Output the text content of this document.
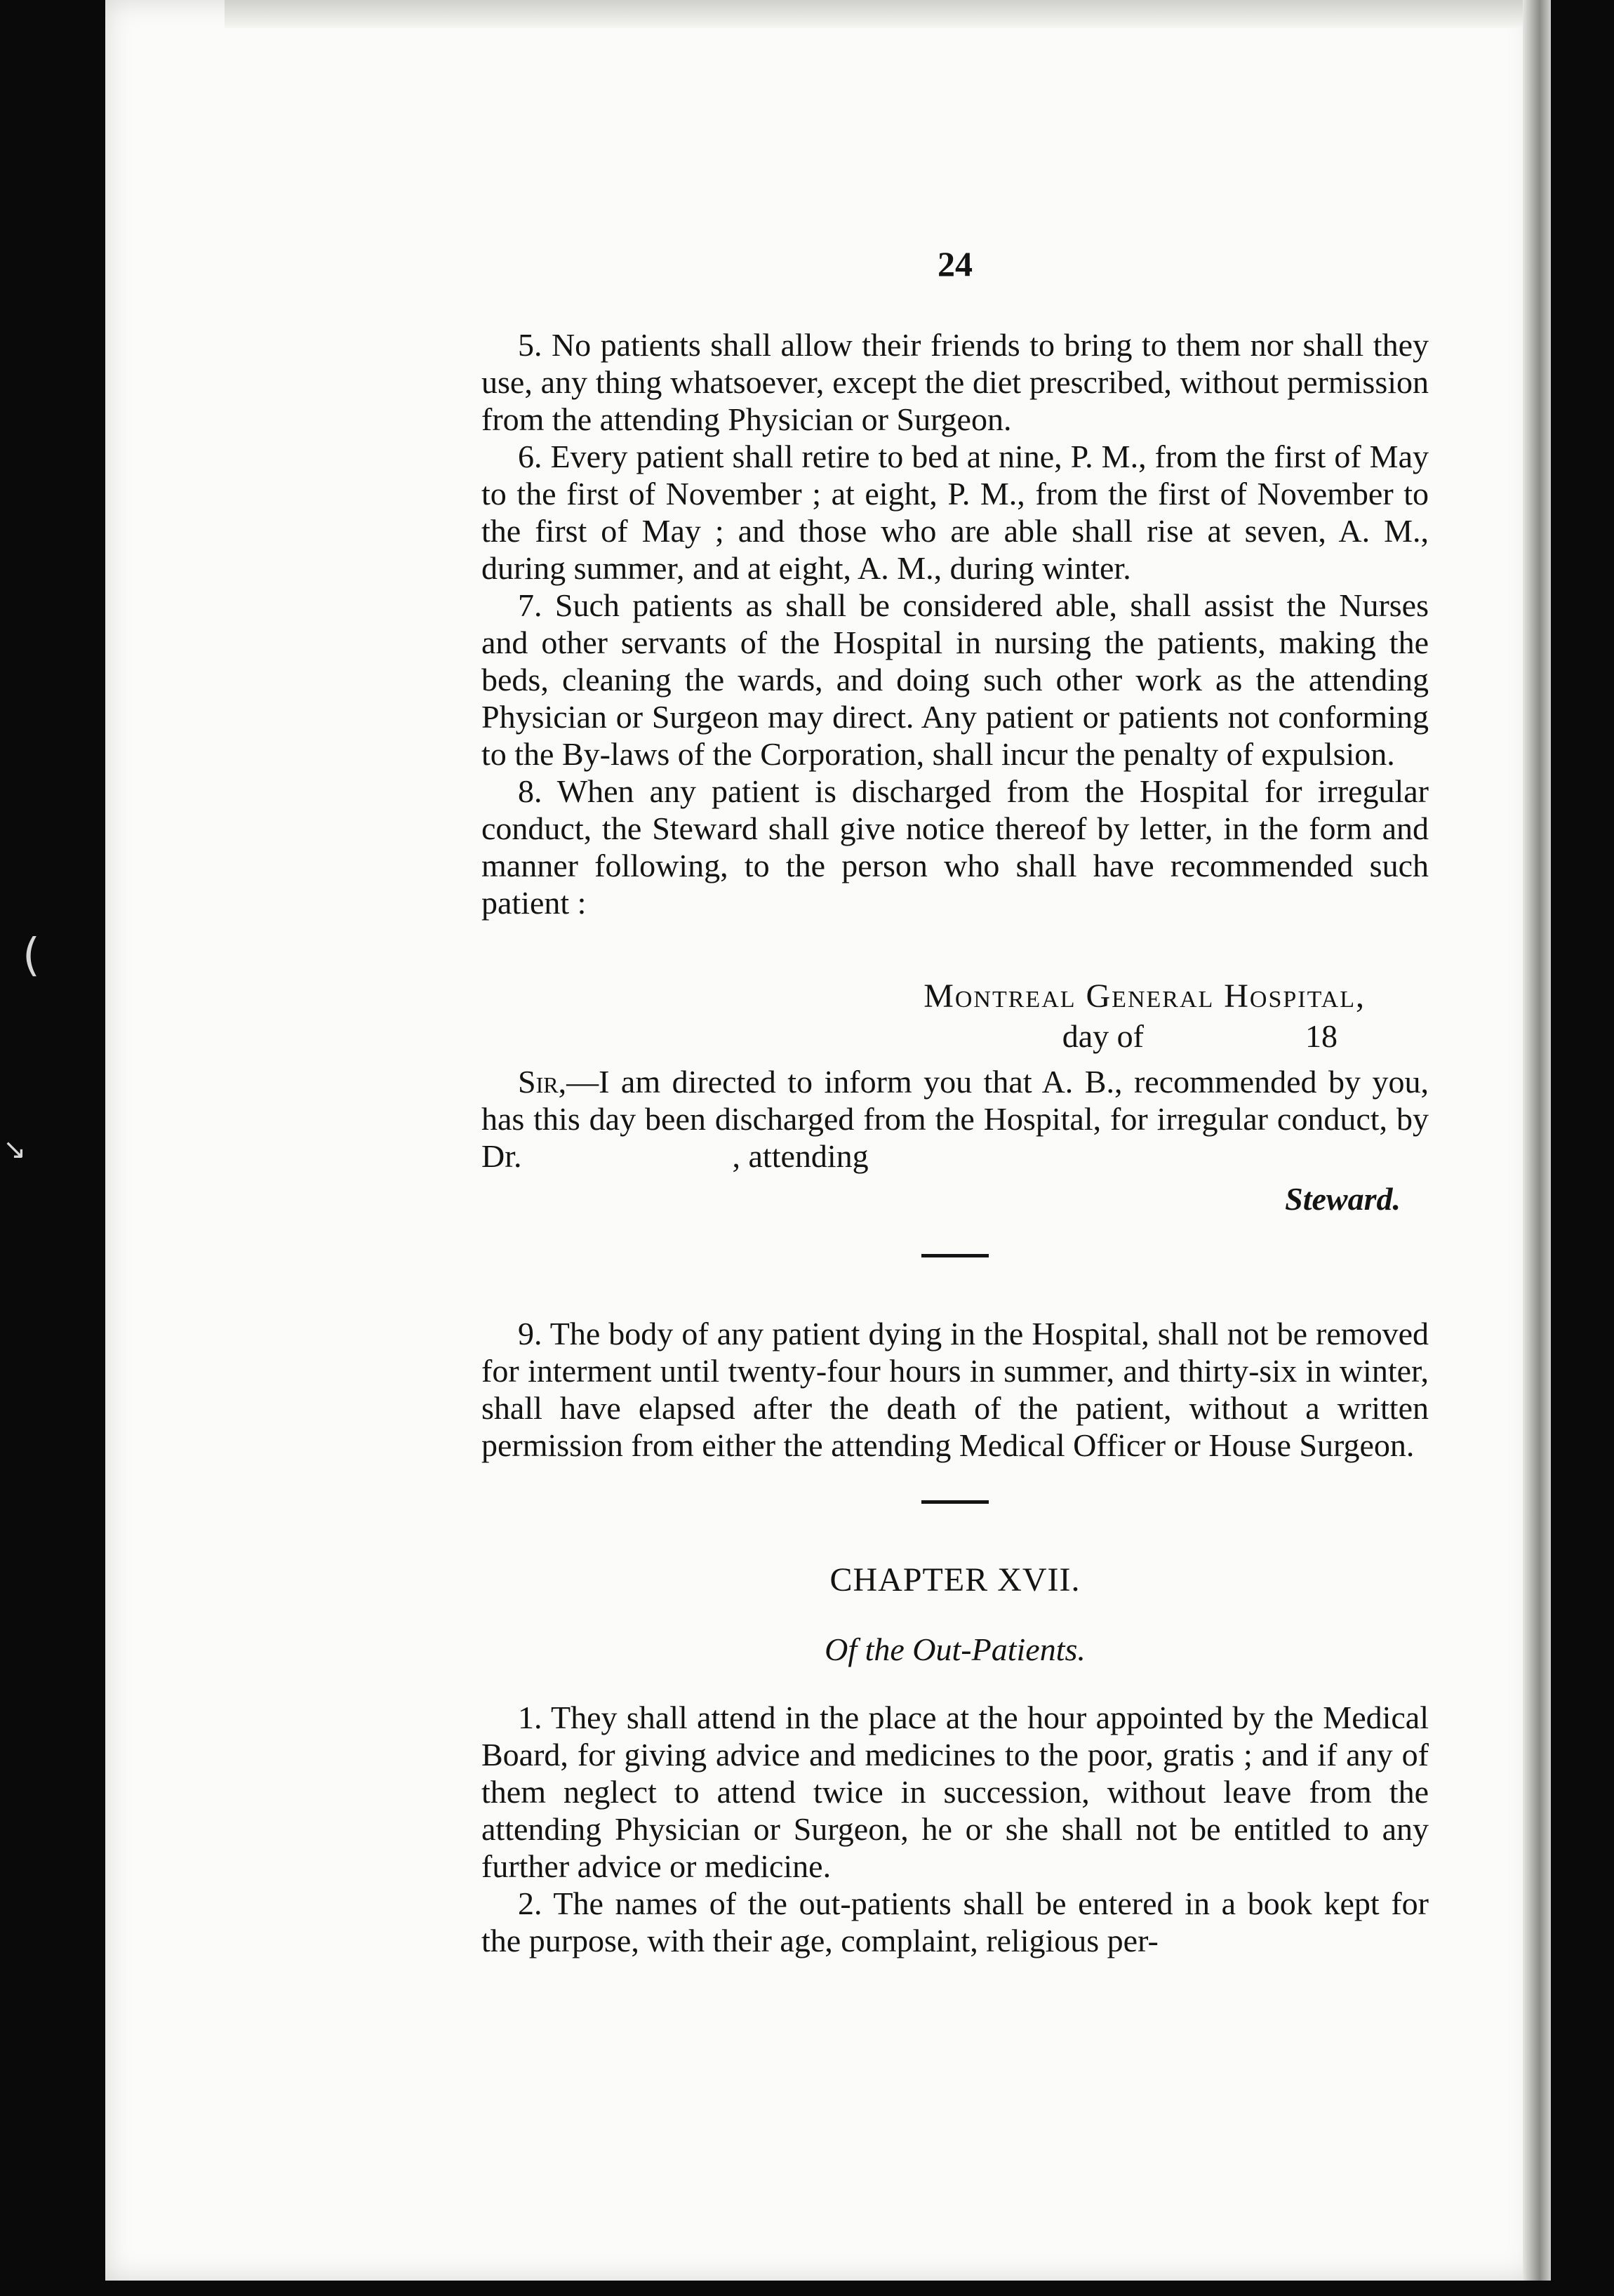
(
↘
24

5. No patients shall allow their friends to bring to them nor shall they use, any thing whatsoever, except the diet prescribed, without permission from the attending Physician or Surgeon.

6. Every patient shall retire to bed at nine, P. M., from the first of May to the first of November ; at eight, P. M., from the first of November to the first of May ; and those who are able shall rise at seven, A. M., during summer, and at eight, A. M., during winter.

7. Such patients as shall be considered able, shall assist the Nurses and other servants of the Hospital in nursing the patients, making the beds, cleaning the wards, and doing such other work as the attending Physician or Surgeon may direct. Any patient or patients not conforming to the By-laws of the Corporation, shall incur the penalty of expulsion.

8. When any patient is discharged from the Hospital for irregular conduct, the Steward shall give notice thereof by letter, in the form and manner following, to the person who shall have recommended such patient :

Montreal General Hospital,
day of	18

Sir,—I am directed to inform you that A. B., recommended by you, has this day been discharged from the Hospital, for irregular conduct, by Dr.	, attending

Steward.

9. The body of any patient dying in the Hospital, shall not be removed for interment until twenty-four hours in summer, and thirty-six in winter, shall have elapsed after the death of the patient, without a written permission from either the attending Medical Officer or House Surgeon.

CHAPTER XVII.
Of the Out-Patients.

1. They shall attend in the place at the hour appointed by the Medical Board, for giving advice and medicines to the poor, gratis ; and if any of them neglect to attend twice in succession, without leave from the attending Physician or Surgeon, he or she shall not be entitled to any further advice or medicine.

2. The names of the out-patients shall be entered in a book kept for the purpose, with their age, complaint, religious per-
